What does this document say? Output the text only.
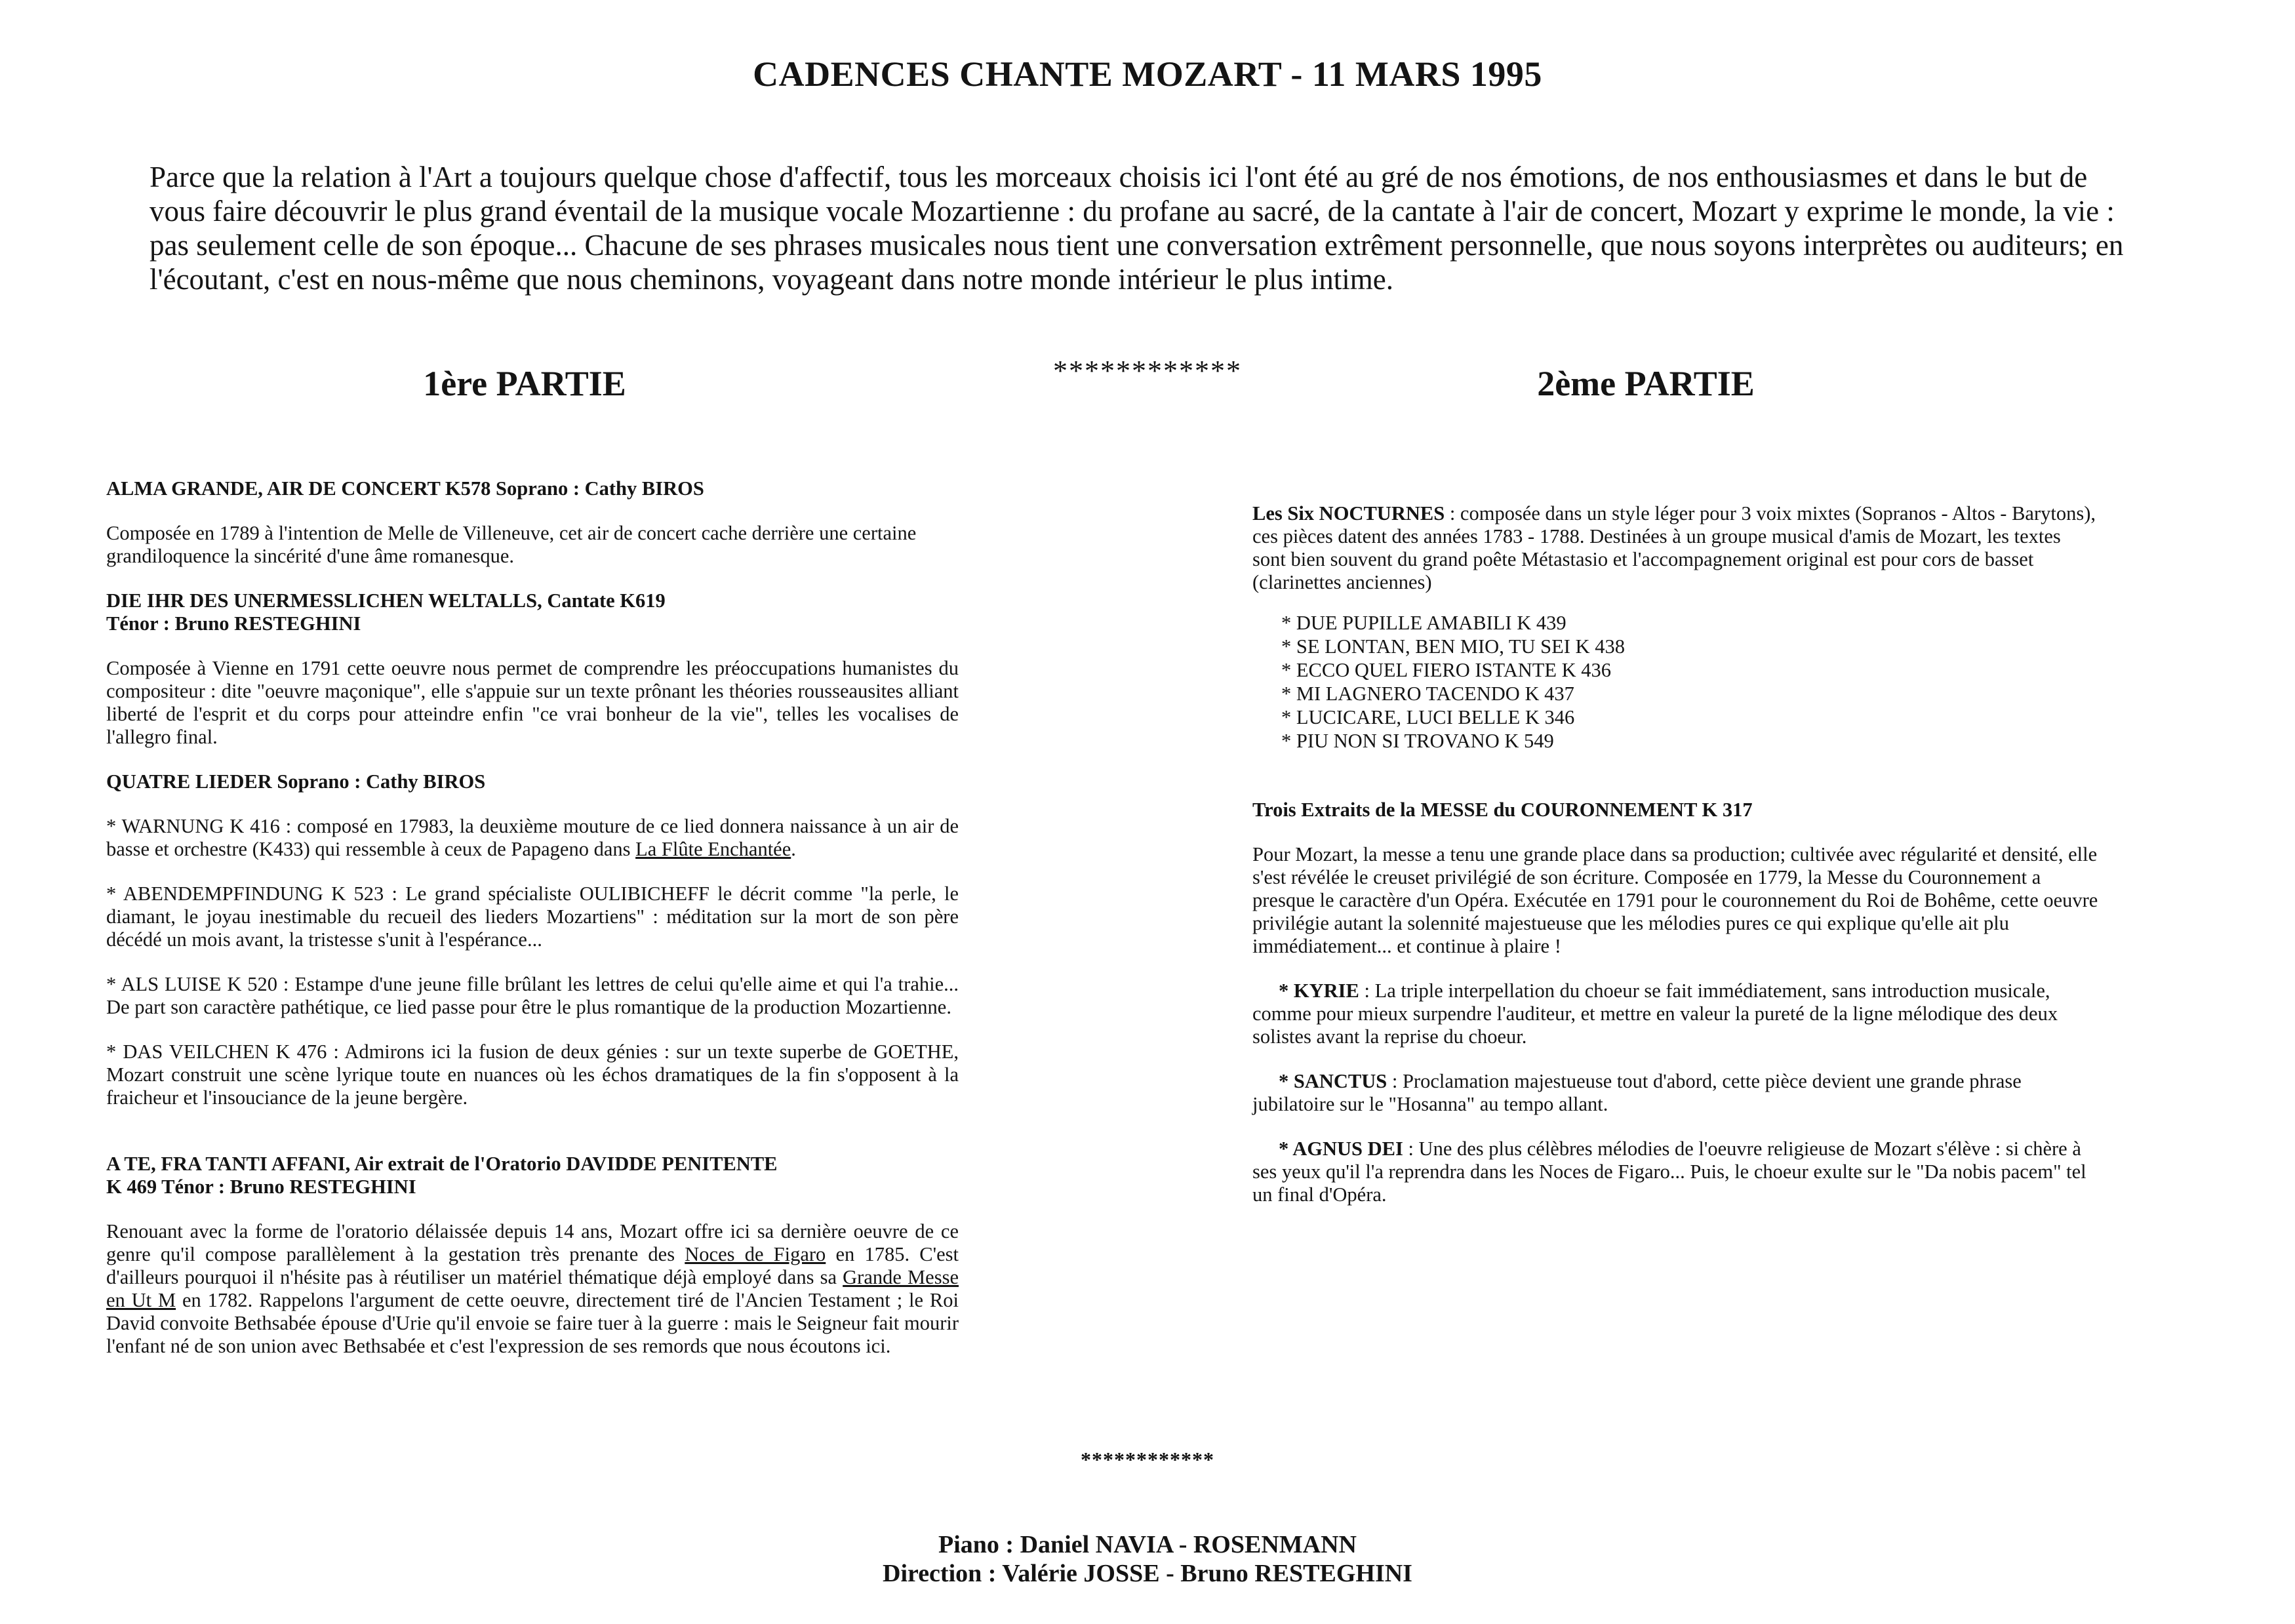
CADENCES CHANTE MOZART - 11 MARS 1995
Parce que la relation à l'Art a toujours quelque chose d'affectif, tous les morceaux choisis ici l'ont été au gré de nos émotions, de nos enthousiasmes et dans le but de vous faire découvrir le plus grand éventail de la musique vocale Mozartienne : du profane au sacré, de la cantate à l'air de concert, Mozart y exprime le monde, la vie : pas seulement celle de son époque... Chacune de ses phrases musicales nous tient une conversation extrêment personnelle, que nous soyons interprètes ou auditeurs; en l'écoutant, c'est en nous-même que nous cheminons, voyageant dans notre monde intérieur le plus intime.
1ère PARTIE	************	2ème PARTIE

ALMA GRANDE, AIR DE CONCERT K578 Soprano : Cathy BIROS

Composée en 1789 à l'intention de Melle de Villeneuve, cet air de concert cache derrière une certaine grandiloquence la sincérité d'une âme romanesque.

DIE IHR DES UNERMESSLICHEN WELTALLS, Cantate K619

Ténor : Bruno RESTEGHINI

Composée à Vienne en 1791 cette oeuvre nous permet de comprendre les préoccupations humanistes du compositeur : dite "oeuvre maçonique", elle s'appuie sur un texte prônant les théories rousseausites alliant liberté de l'esprit et du corps pour atteindre enfin "ce vrai bonheur de la vie", telles les vocalises de l'allegro final.

QUATRE LIEDER Soprano : Cathy BIROS

* WARNUNG K 416 : composé en 17983, la deuxième mouture de ce lied donnera naissance à un air de basse et orchestre (K433) qui ressemble à ceux de Papageno dans La Flûte Enchantée.

* ABENDEMPFINDUNG K 523 : Le grand spécialiste OULIBICHEFF le décrit comme "la perle, le diamant, le joyau inestimable du recueil des lieders Mozartiens" : méditation sur la mort de son père décédé un mois avant, la tristesse s'unit à l'espérance...

* ALS LUISE K 520 : Estampe d'une jeune fille brûlant les lettres de celui qu'elle aime et qui l'a trahie... De part son caractère pathétique, ce lied passe pour être le plus romantique de la production Mozartienne.

* DAS VEILCHEN K 476 : Admirons ici la fusion de deux génies : sur un texte superbe de GOETHE, Mozart construit une scène lyrique toute en nuances où les échos dramatiques de la fin s'opposent à la fraicheur et l'insouciance de la jeune bergère.

A TE, FRA TANTI AFFANI, Air extrait de l'Oratorio DAVIDDE PENITENTE

K 469 Ténor : Bruno RESTEGHINI

Renouant avec la forme de l'oratorio délaissée depuis 14 ans, Mozart offre ici sa dernière oeuvre de ce genre qu'il compose parallèlement à la gestation très prenante des Noces de Figaro en 1785. C'est d'ailleurs pourquoi il n'hésite pas à réutiliser un matériel thématique déjà employé dans sa Grande Messe en Ut M en 1782. Rappelons l'argument de cette oeuvre, directement tiré de l'Ancien Testament ; le Roi David convoite Bethsabée épouse d'Urie qu'il envoie se faire tuer à la guerre : mais le Seigneur fait mourir l'enfant né de son union avec Bethsabée et c'est l'expression de ses remords que nous écoutons ici.

Les Six NOCTURNES : composée dans un style léger pour 3 voix mixtes (Sopranos - Altos - Barytons), ces pièces datent des années 1783 - 1788. Destinées à un groupe musical d'amis de Mozart, les textes sont bien souvent du grand poête Métastasio et l'accompagnement original est pour cors de basset (clarinettes anciennes)

* DUE PUPILLE AMABILI K 439
* SE LONTAN, BEN MIO, TU SEI K 438
* ECCO QUEL FIERO ISTANTE K 436
* MI LAGNERO TACENDO K 437
* LUCICARE, LUCI BELLE K 346
* PIU NON SI TROVANO K 549

Trois Extraits de la MESSE du COURONNEMENT K 317

Pour Mozart, la messe a tenu une grande place dans sa production; cultivée avec régularité et densité, elle s'est révélée le creuset privilégié de son écriture. Composée en 1779, la Messe du Couronnement a presque le caractère d'un Opéra. Exécutée en 1791 pour le couronnement du Roi de Bohême, cette oeuvre privilégie autant la solennité majestueuse que les mélodies pures ce qui explique qu'elle ait plu immédiatement... et continue à plaire !

* KYRIE : La triple interpellation du choeur se fait immédiatement, sans introduction musicale, comme pour mieux surpendre l'auditeur, et mettre en valeur la pureté de la ligne mélodique des deux solistes avant la reprise du choeur.

* SANCTUS : Proclamation majestueuse tout d'abord, cette pièce devient une grande phrase jubilatoire sur le "Hosanna" au tempo allant.

* AGNUS DEI : Une des plus célèbres mélodies de l'oeuvre religieuse de Mozart s'élève : si chère à ses yeux qu'il l'a reprendra dans les Noces de Figaro... Puis, le choeur exulte sur le "Da nobis pacem" tel un final d'Opéra.

************
Piano : Daniel NAVIA - ROSENMANN
Direction : Valérie JOSSE - Bruno RESTEGHINI
